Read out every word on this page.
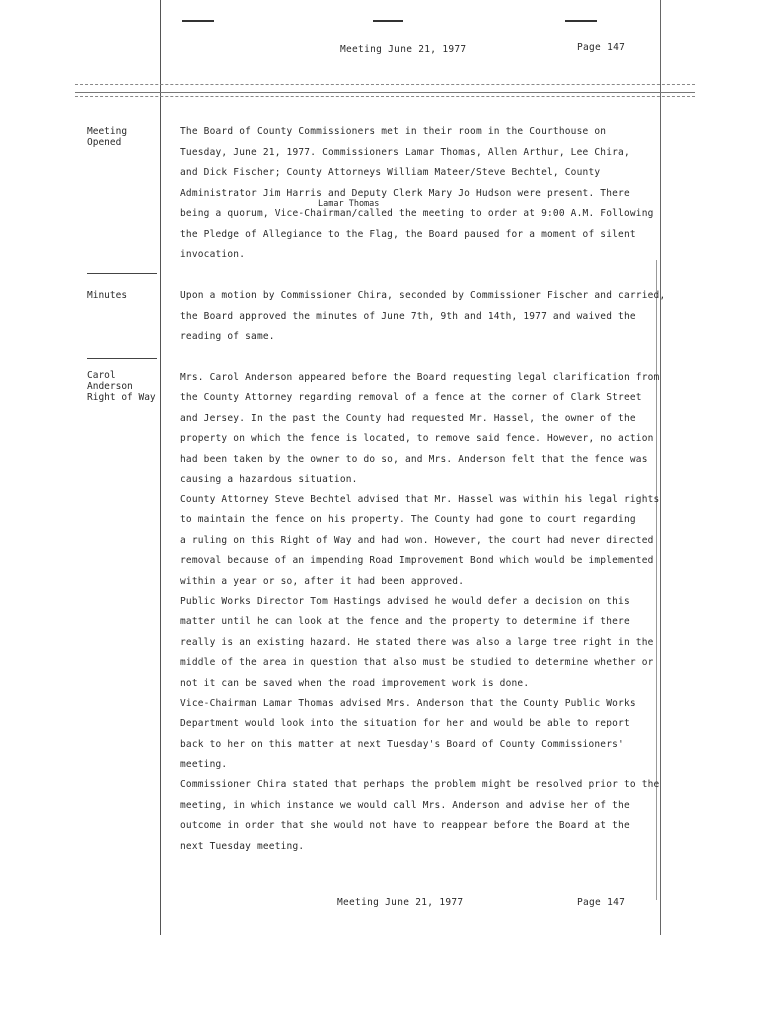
Meeting June 21, 1977	Page 147
Meeting
Opened
Minutes
Carol
Anderson
Right of Way
Lamar Thomas
The Board of County Commissioners met in their room in the Courthouse on
Tuesday, June 21, 1977. Commissioners Lamar Thomas, Allen Arthur, Lee Chira,
and Dick Fischer; County Attorneys William Mateer/Steve Bechtel, County
Administrator Jim Harris and Deputy Clerk Mary Jo Hudson were present. There
being a quorum, Vice-Chairman/called the meeting to order at 9:00 A.M. Following
the Pledge of Allegiance to the Flag, the Board paused for a moment of silent
invocation.
Upon a motion by Commissioner Chira, seconded by Commissioner Fischer and carried,
the Board approved the minutes of June 7th, 9th and 14th, 1977 and waived the
reading of same.
Mrs. Carol Anderson appeared before the Board requesting legal clarification from
the County Attorney regarding removal of a fence at the corner of Clark Street
and Jersey. In the past the County had requested Mr. Hassel, the owner of the
property on which the fence is located, to remove said fence. However, no action
had been taken by the owner to do so, and Mrs. Anderson felt that the fence was
causing a hazardous situation.
County Attorney Steve Bechtel advised that Mr. Hassel was within his legal rights
to maintain the fence on his property. The County had gone to court regarding
a ruling on this Right of Way and had won. However, the court had never directed
removal because of an impending Road Improvement Bond which would be implemented
within a year or so, after it had been approved.
Public Works Director Tom Hastings advised he would defer a decision on this
matter until he can look at the fence and the property to determine if there
really is an existing hazard. He stated there was also a large tree right in the
middle of the area in question that also must be studied to determine whether or
not it can be saved when the road improvement work is done.
Vice-Chairman Lamar Thomas advised Mrs. Anderson that the County Public Works
Department would look into the situation for her and would be able to report
back to her on this matter at next Tuesday's Board of County Commissioners'
meeting.
Commissioner Chira stated that perhaps the problem might be resolved prior to the
meeting, in which instance we would call Mrs. Anderson and advise her of the
outcome in order that she would not have to reappear before the Board at the
next Tuesday meeting.
Meeting June 21, 1977	Page 147
